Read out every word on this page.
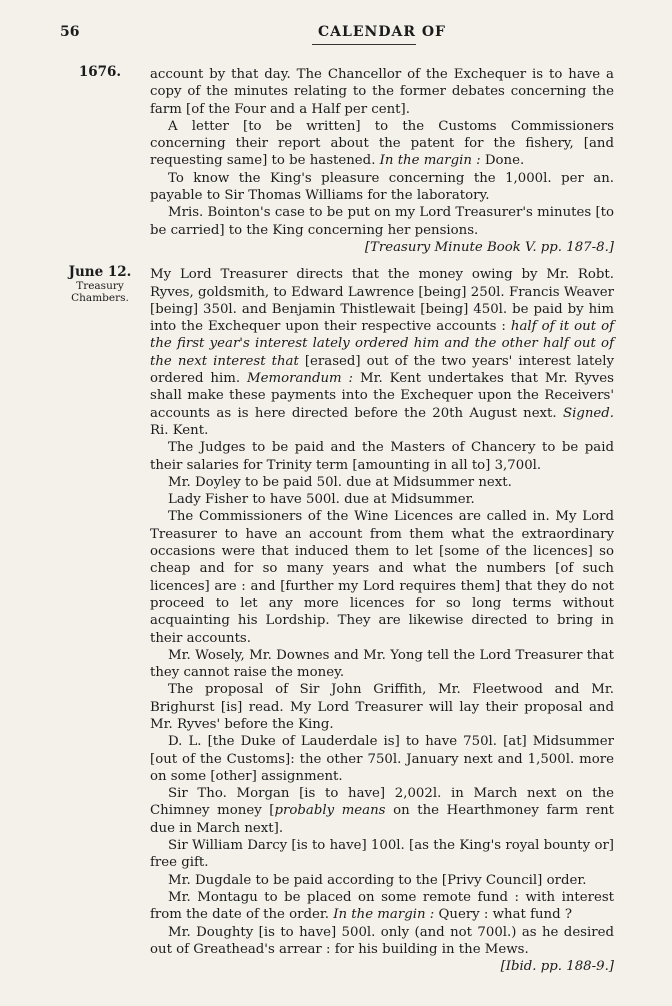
56	CALENDAR OF
1676.
June 12.
Treasury
Chambers.

account by that day. The Chancellor of the Exchequer is to have a copy of the minutes relating to the former debates concerning the farm [of the Four and a Half per cent].

A letter [to be written] to the Customs Commissioners concerning their report about the patent for the fishery, [and requesting same] to be hastened. In the margin : Done.

To know the King's pleasure concerning the 1,000l. per an. payable to Sir Thomas Williams for the laboratory.

Mris. Bointon's case to be put on my Lord Treasurer's minutes [to be carried] to the King concerning her pensions.

[Treasury Minute Book V. pp. 187-8.]

My Lord Treasurer directs that the money owing by Mr. Robt. Ryves, goldsmith, to Edward Lawrence [being] 250l. Francis Weaver [being] 350l. and Benjamin Thistlewait [being] 450l. be paid by him into the Exchequer upon their respective accounts : half of it out of the first year's interest lately ordered him and the other half out of the next interest that [erased] out of the two years' interest lately ordered him. Memorandum : Mr. Kent undertakes that Mr. Ryves shall make these payments into the Exchequer upon the Receivers' accounts as is here directed before the 20th August next. Signed. Ri. Kent.

The Judges to be paid and the Masters of Chancery to be paid their salaries for Trinity term [amounting in all to] 3,700l.

Mr. Doyley to be paid 50l. due at Midsummer next.

Lady Fisher to have 500l. due at Midsummer.

The Commissioners of the Wine Licences are called in. My Lord Treasurer to have an account from them what the extraordinary occasions were that induced them to let [some of the licences] so cheap and for so many years and what the numbers [of such licences] are : and [further my Lord requires them] that they do not proceed to let any more licences for so long terms without acquainting his Lordship. They are likewise directed to bring in their accounts.

Mr. Wosely, Mr. Downes and Mr. Yong tell the Lord Treasurer that they cannot raise the money.

The proposal of Sir John Griffith, Mr. Fleetwood and Mr. Brighurst [is] read. My Lord Treasurer will lay their proposal and Mr. Ryves' before the King.

D. L. [the Duke of Lauderdale is] to have 750l. [at] Midsummer [out of the Customs]: the other 750l. January next and 1,500l. more on some [other] assignment.

Sir Tho. Morgan [is to have] 2,002l. in March next on the Chimney money [probably means on the Hearthmoney farm rent due in March next].

Sir William Darcy [is to have] 100l. [as the King's royal bounty or] free gift.

Mr. Dugdale to be paid according to the [Privy Council] order.

Mr. Montagu to be placed on some remote fund : with interest from the date of the order. In the margin : Query : what fund ?

Mr. Doughty [is to have] 500l. only (and not 700l.) as he desired out of Greathead's arrear : for his building in the Mews.

[Ibid. pp. 188-9.]
